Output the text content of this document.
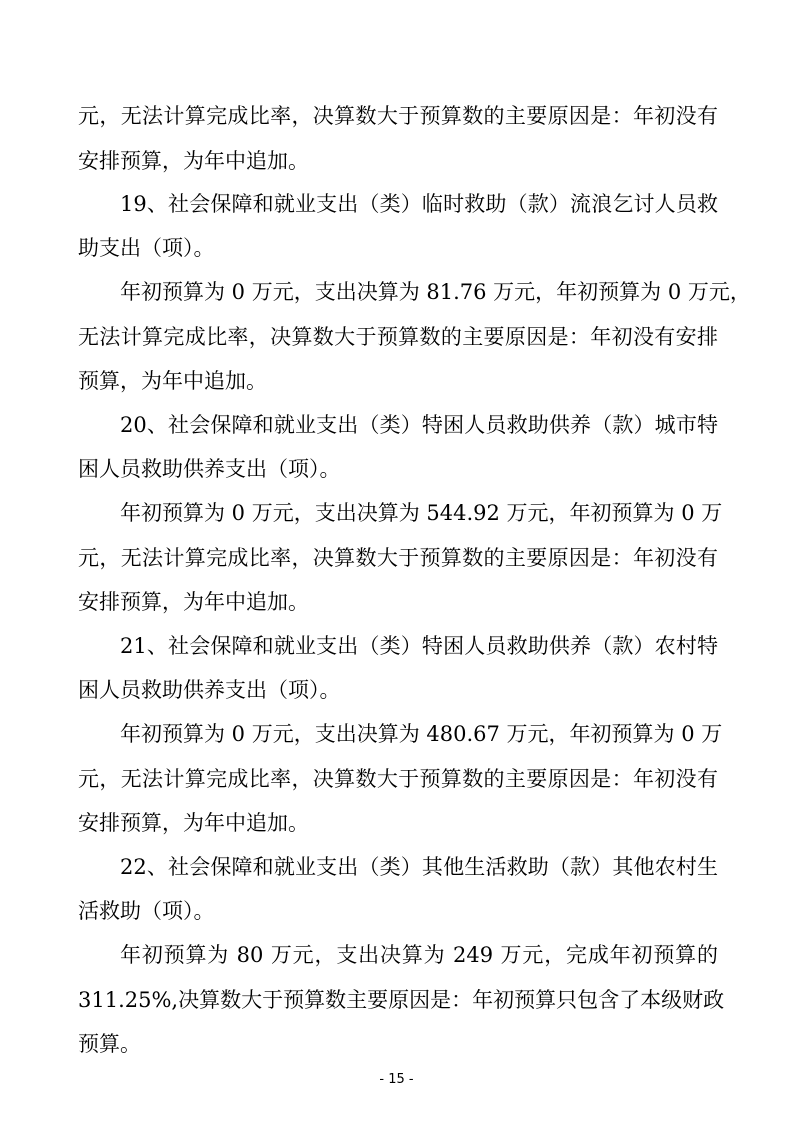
元，无法计算完成比率，决算数大于预算数的主要原因是：年初没有
安排预算，为年中追加。
19、社会保障和就业支出（类）临时救助（款）流浪乞讨人员救
助支出（项）。
年初预算为 0 万元，支出决算为 81.76 万元，年初预算为 0 万元，
无法计算完成比率，决算数大于预算数的主要原因是：年初没有安排
预算，为年中追加。
20、社会保障和就业支出（类）特困人员救助供养（款）城市特
困人员救助供养支出（项）。
年初预算为 0 万元，支出决算为 544.92 万元，年初预算为 0 万
元，无法计算完成比率，决算数大于预算数的主要原因是：年初没有
安排预算，为年中追加。
21、社会保障和就业支出（类）特困人员救助供养（款）农村特
困人员救助供养支出（项）。
年初预算为 0 万元，支出决算为 480.67 万元，年初预算为 0 万
元，无法计算完成比率，决算数大于预算数的主要原因是：年初没有
安排预算，为年中追加。
22、社会保障和就业支出（类）其他生活救助（款）其他农村生
活救助（项）。
年初预算为 80 万元，支出决算为 249 万元，完成年初预算的
311.25%,决算数大于预算数主要原因是：年初预算只包含了本级财政
- 15 -
预算。
